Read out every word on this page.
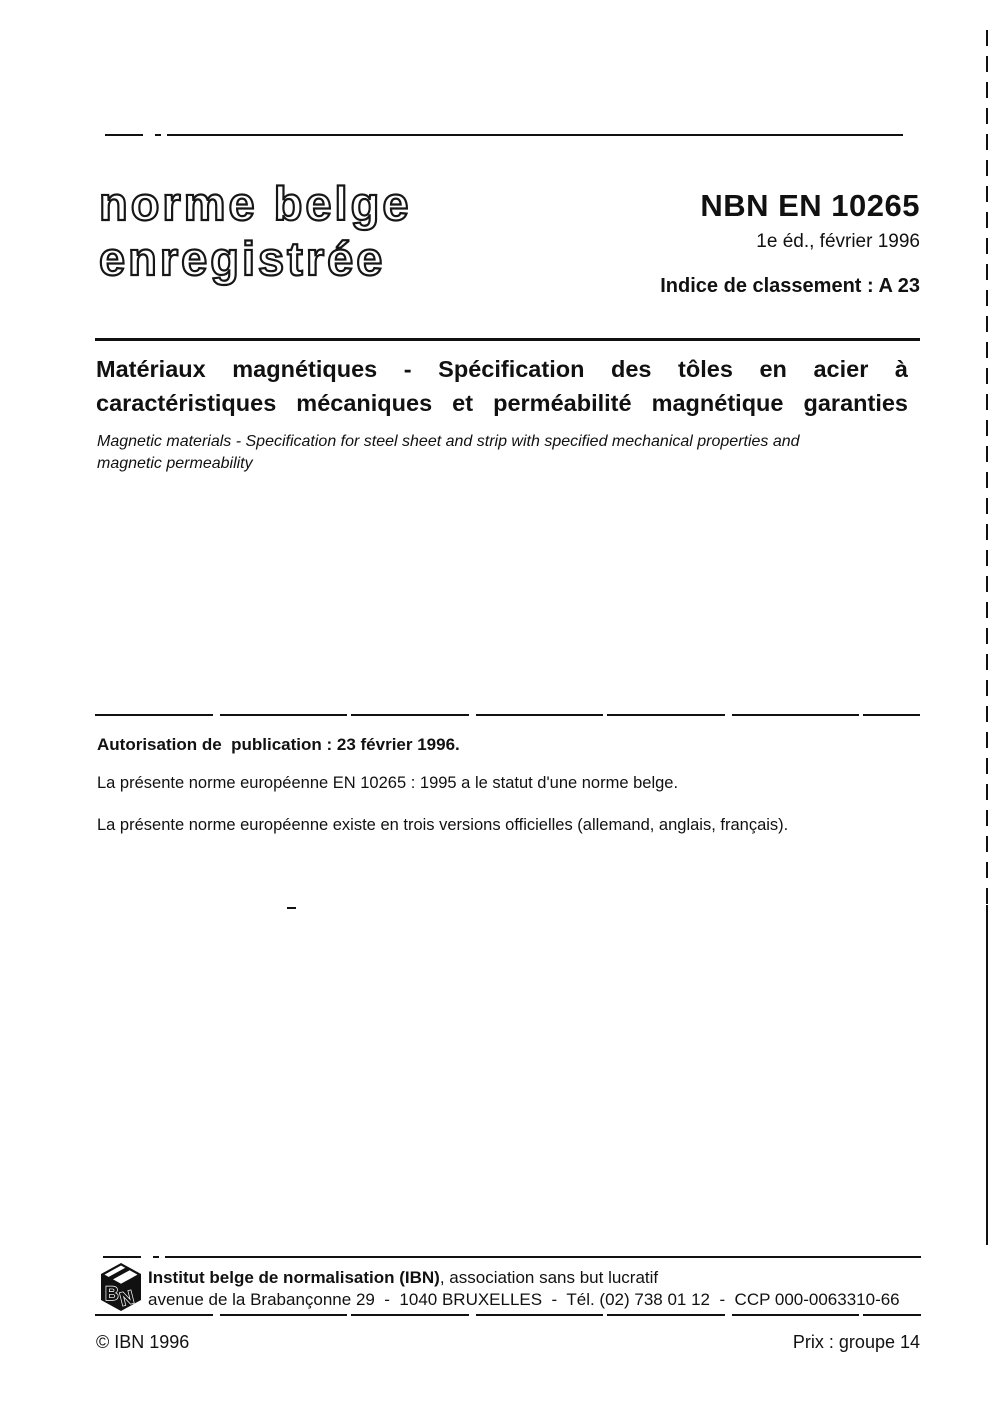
norme belge
enregistrée
NBN EN 10265
1e éd., février 1996
Indice de classement : A 23
Matériaux magnétiques - Spécification des tôles en acier à
caractéristiques mécaniques et perméabilité magnétique garanties
Magnetic materials - Specification for steel sheet and strip with specified mechanical properties and
magnetic permeability
Autorisation de  publication : 23 février 1996.
La présente norme européenne EN 10265 : 1995 a le statut d'une norme belge.
La présente norme européenne existe en trois versions officielles (allemand, anglais, français).
B N
Institut belge de normalisation (IBN), association sans but lucratif
avenue de la Brabançonne 29  -  1040 BRUXELLES  -  Tél. (02) 738 01 12  -  CCP 000-0063310-66
© IBN 1996	Prix : groupe 14
